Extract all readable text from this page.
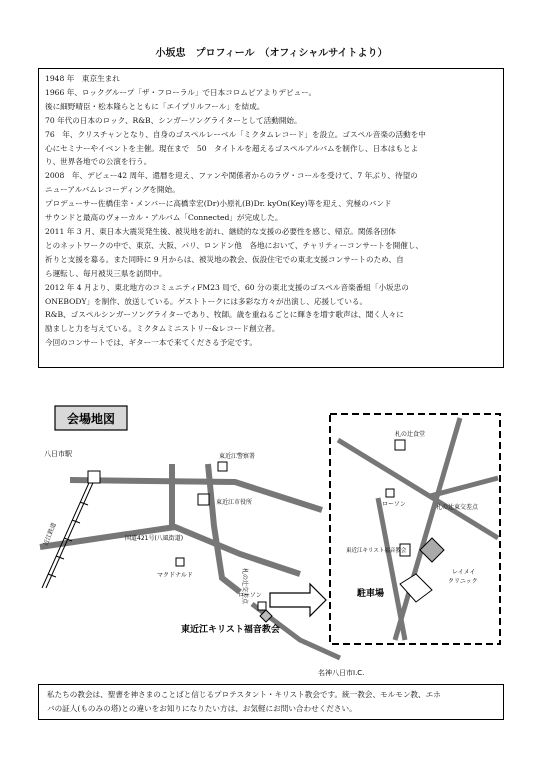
小坂忠　プロフィール　（オフィシャルサイトより）
1948 年　東京生まれ
1966 年、ロックグループ「ザ・フローラル」で日本コロムビアよりデビュー。
後に細野晴臣・松本隆らとともに「エイプリルフール」を結成。
70 年代の日本のロック、R&B、シンガーソングライターとして活動開始。
76　年、クリスチャンとなり、自身のゴスペルレーベル「ミクタムレコード」を設立。ゴスペル音楽の活動を中
心にセミナーやイベントを主催。現在まで　50　タイトルを超えるゴスペルアルバムを制作し、日本はもとよ
り、世界各地での公演を行う。
2008　年、デビュー42 周年、還暦を迎え、ファンや関係者からのラヴ・コールを受けて、7 年ぶり、待望の
ニューアルバムレコーディングを開始。
プロデューサー佐橋佳幸・メンバーに高橋幸宏(Dr)小原礼(B)Dr. kyOn(Key)等を迎え、究極のバンド
サウンドと最高のヴォーカル・アルバム「Connected」が完成した。
2011 年 3 月、東日本大震災発生後、被災地を訪れ、継続的な支援の必要性を感じ、帰京。関係各団体
とのネットワークの中で、東京、大阪、パリ、ロンドン他　各地において、チャリティーコンサートを開催し、
祈りと支援を募る。また同時に 9 月からは、被災地の教会、仮設住宅での東北支援コンサートのため、自
ら運転し、毎月被災三県を訪問中。
2012 年 4 月より、東北地方のコミュニティFM23 局で、60 分の東北支援のゴスペル音楽番組「小坂忠の
ONEBODY」を制作、放送している。ゲストトークには多彩な方々が出演し、応援している。
R&B、ゴスペルシンガーソングライターであり、牧師。歳を重ねるごとに輝きを増す歌声は、聞く人々に
励ましと力を与えている。ミクタムミニストリー&レコード創立者。
今回のコンサートでは、ギター一本で来てくださる予定です。
会場地図
八日市駅
近江鉄道
東近江警察署
東近江市役所
国道421号(八風街道)
マクドナルド	札の辻交差点
ローソン
東近江キリスト福音教会
名神八日市I.C.
札の辻食堂
ローソン	札の辻東交差点
東近江キリスト福音教会
レイメイ
クリニック
駐車場
私たちの教会は、聖書を神さまのことばと信じるプロテスタント・キリスト教会です。統一教会、モルモン教、エホ
バの証人(ものみの塔)との違いをお知りになりたい方は、お気軽にお問い合わせください。
